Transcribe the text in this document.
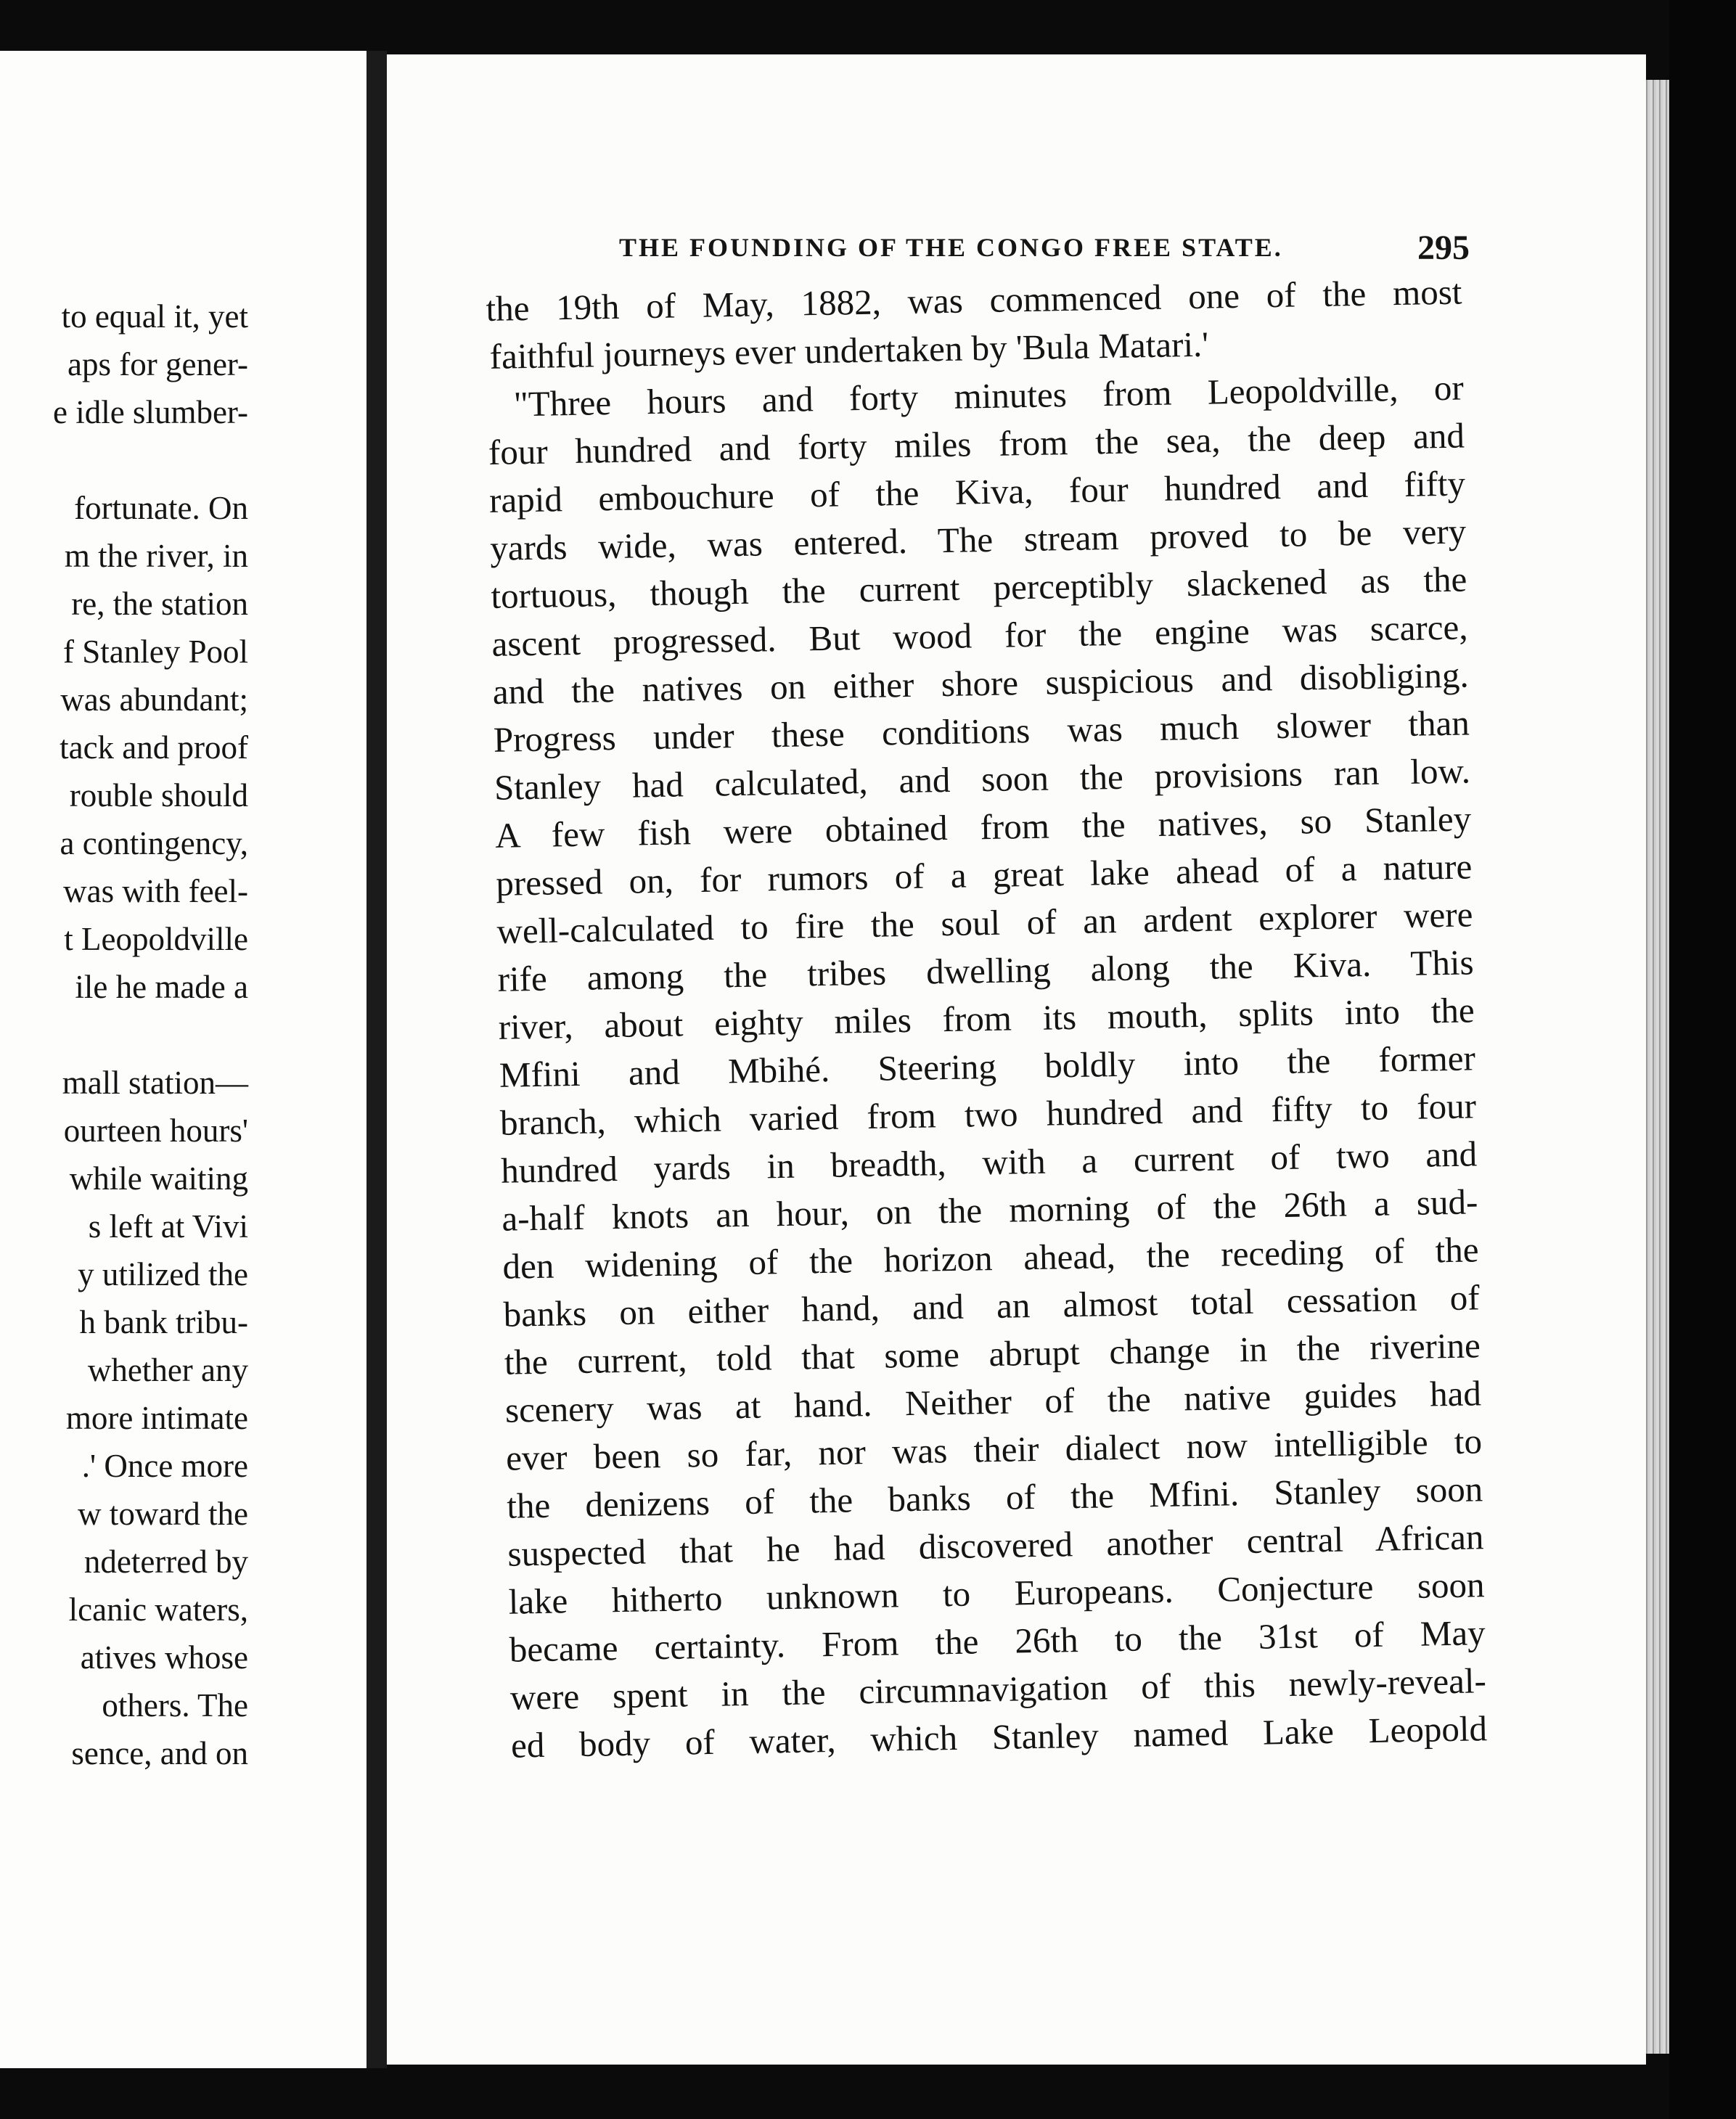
to equal it, yet
aps for gener-
e idle slumber-
fortunate. On
m the river, in
re, the station
f Stanley Pool
was abundant;
tack and proof
rouble should
a contingency,
was with feel-
t Leopoldville
ile he made a
mall station—
ourteen hours'
while waiting
s left at Vivi
y utilized the
h bank tribu-
whether any
more intimate
.' Once more
w toward the
ndeterred by
lcanic waters,
atives whose
others. The
sence, and on
THE FOUNDING OF THE CONGO FREE STATE.	295
the 19th of May, 1882, was commenced one of the most
faithful journeys ever undertaken by 'Bula Matari.'
"Three hours and forty minutes from Leopoldville, or
four hundred and forty miles from the sea, the deep and
rapid embouchure of the Kiva, four hundred and fifty
yards wide, was entered. The stream proved to be very
tortuous, though the current perceptibly slackened as the
ascent progressed. But wood for the engine was scarce,
and the natives on either shore suspicious and disobliging.
Progress under these conditions was much slower than
Stanley had calculated, and soon the provisions ran low.
A few fish were obtained from the natives, so Stanley
pressed on, for rumors of a great lake ahead of a nature
well-calculated to fire the soul of an ardent explorer were
rife among the tribes dwelling along the Kiva. This
river, about eighty miles from its mouth, splits into the
Mfini and Mbihé. Steering boldly into the former
branch, which varied from two hundred and fifty to four
hundred yards in breadth, with a current of two and
a-half knots an hour, on the morning of the 26th a sud-
den widening of the horizon ahead, the receding of the
banks on either hand, and an almost total cessation of
the current, told that some abrupt change in the riverine
scenery was at hand. Neither of the native guides had
ever been so far, nor was their dialect now intelligible to
the denizens of the banks of the Mfini. Stanley soon
suspected that he had discovered another central African
lake hitherto unknown to Europeans. Conjecture soon
became certainty. From the 26th to the 31st of May
were spent in the circumnavigation of this newly-reveal-
ed body of water, which Stanley named Lake Leopold
